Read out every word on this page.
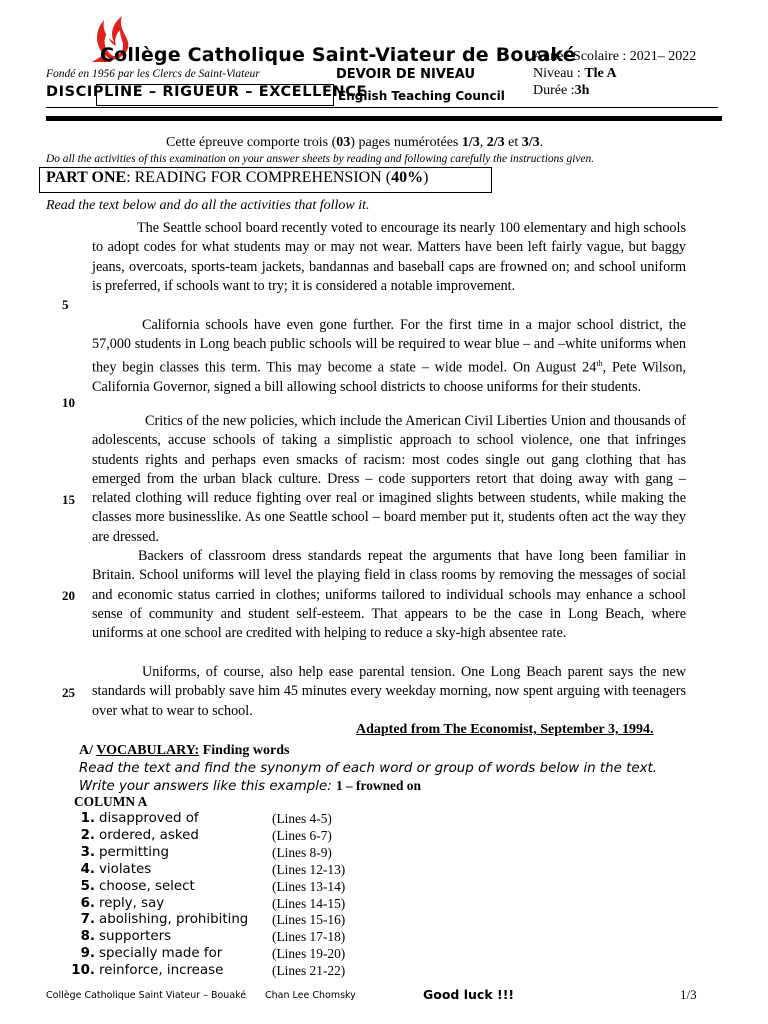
Collège Catholique Saint-Viateur de Bouaké
Fondé en 1956 par les Clercs de Saint-Viateur	DEVOIR DE NIVEAU
DISCIPLINE – RIGUEUR – EXCELLENCE
English Teaching Council
Année Scolaire : 2021– 2022
Niveau : Tle A
Durée :3h
Cette épreuve comporte trois (03) pages numérotées 1/3, 2/3 et 3/3.
Do all the activities of this examination on your answer sheets by reading and following carefully the instructions given.
PART ONE: READING FOR COMPREHENSION (40%)
Read the text below and do all the activities that follow it.

The Seattle school board recently voted to encourage its nearly 100 elementary and high schools to adopt codes for what students may or may not wear. Matters have been left fairly vague, but baggy jeans, overcoats, sports-team jackets, bandannas and baseball caps are frowned on; and school uniform is preferred, if schools want to try; it is considered a notable improvement.

California schools have even gone further. For the first time in a major school district, the 57,000 students in Long beach public schools will be required to wear blue – and –white uniforms when they begin classes this term. This may become a state – wide model. On August 24th, Pete Wilson, California Governor, signed a bill allowing school districts to choose uniforms for their students.

Critics of the new policies, which include the American Civil Liberties Union and thousands of adolescents, accuse schools of taking a simplistic approach to school violence, one that infringes students rights and perhaps even smacks of racism: most codes single out gang clothing that has emerged from the urban black culture. Dress – code supporters retort that doing away with gang – related clothing will reduce fighting over real or imagined slights between students, while making the classes more businesslike. As one Seattle school – board member put it, students often act the way they are dressed.

Backers of classroom dress standards repeat the arguments that have long been familiar in Britain. School uniforms will level the playing field in class rooms by removing the messages of social and economic status carried in clothes; uniforms tailored to individual schools may enhance a school sense of community and student self-esteem. That appears to be the case in Long Beach, where uniforms at one school are credited with helping to reduce a sky-high absentee rate.

Uniforms, of course, also help ease parental tension. One Long Beach parent says the new standards will probably save him 45 minutes every weekday morning, now spent arguing with teenagers over what to wear to school.

5
10
15
20
25
Adapted from The Economist, September 3, 1994.
A/ VOCABULARY: Finding words
Read the text and find the synonym of each word or group of words below in the text.
Write your answers like this example: 1 – frowned on
COLUMN A
1. disapproved of	(Lines 4-5)
2. ordered, asked	(Lines 6-7)
3. permitting	(Lines 8-9)
4. violates	(Lines 12-13)
5. choose, select	(Lines 13-14)
6. reply, say	(Lines 14-15)
7. abolishing, prohibiting (Lines 15-16)
8. supporters	(Lines 17-18)
9. specially made for	(Lines 19-20)
10. reinforce, increase	(Lines 21-22)
Collège Catholique Saint Viateur – Bouaké Chan Lee Chomsky	Good luck !!!	1/3
